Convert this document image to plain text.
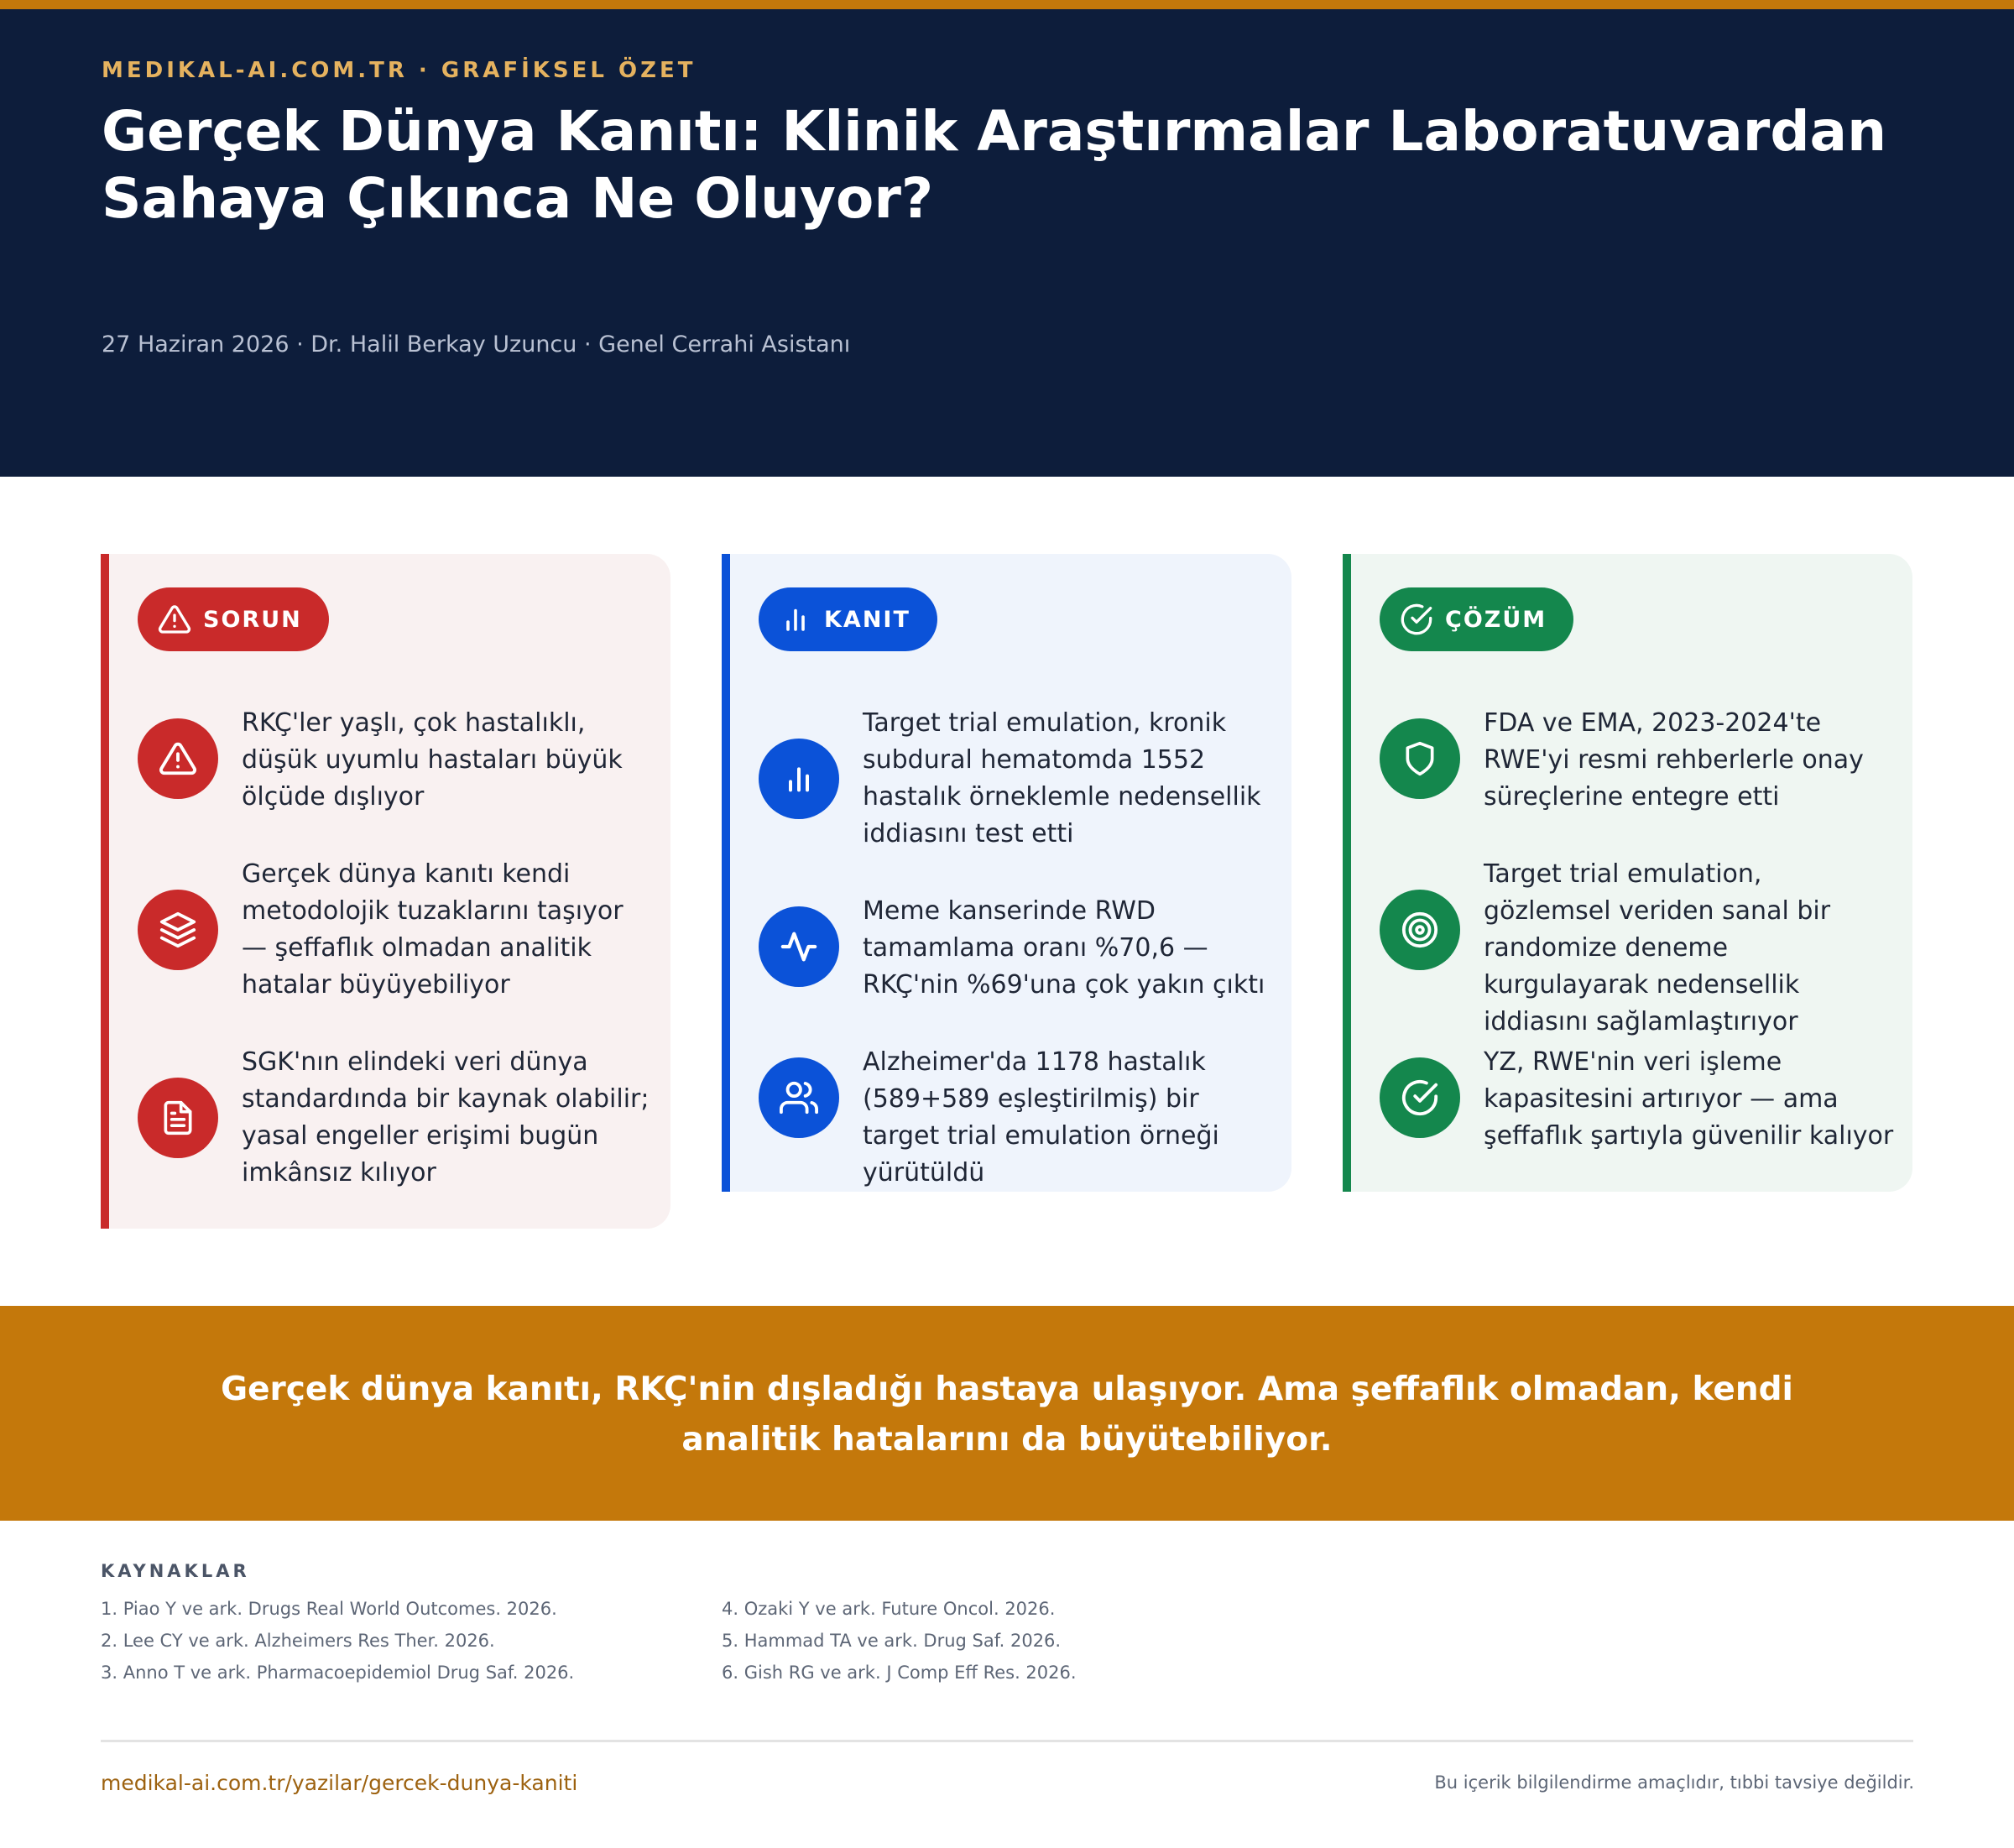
MEDIKAL-AI.COM.TR · GRAFİKSEL ÖZET
Gerçek Dünya Kanıtı: Klinik Araştırmalar Laboratuvardan Sahaya Çıkınca Ne Oluyor?
27 Haziran 2026 · Dr. Halil Berkay Uzuncu · Genel Cerrahi Asistanı
SORUN
RKÇ'ler yaşlı, çok hastalıklı, düşük uyumlu hastaları büyük ölçüde dışlıyor
Gerçek dünya kanıtı kendi metodolojik tuzaklarını taşıyor — şeffaflık olmadan analitik hatalar büyüyebiliyor
SGK'nın elindeki veri dünya standardında bir kaynak olabilir; yasal engeller erişimi bugün imkânsız kılıyor
KANIT
Target trial emulation, kronik subdural hematomda 1552 hastalık örneklemle nedensellik iddiasını test etti
Meme kanserinde RWD tamamlama oranı %70,6 — RKÇ'nin %69'una çok yakın çıktı
Alzheimer'da 1178 hastalık (589+589 eşleştirilmiş) bir target trial emulation örneği yürütüldü
ÇÖZÜM
FDA ve EMA, 2023-2024'te RWE'yi resmi rehberlerle onay süreçlerine entegre etti
Target trial emulation, gözlemsel veriden sanal bir randomize deneme kurgulayarak nedensellik iddiasını sağlamlaştırıyor
YZ, RWE'nin veri işleme kapasitesini artırıyor — ama şeffaflık şartıyla güvenilir kalıyor

Gerçek dünya kanıtı, RKÇ'nin dışladığı hastaya ulaşıyor. Ama şeffaflık olmadan, kendi analitik hatalarını da büyütebiliyor.

KAYNAKLAR
1. Piao Y ve ark. Drugs Real World Outcomes. 2026.
2. Lee CY ve ark. Alzheimers Res Ther. 2026.
3. Anno T ve ark. Pharmacoepidemiol Drug Saf. 2026.
4. Ozaki Y ve ark. Future Oncol. 2026.
5. Hammad TA ve ark. Drug Saf. 2026.
6. Gish RG ve ark. J Comp Eff Res. 2026.
medikal-ai.com.tr/yazilar/gercek-dunya-kaniti	Bu içerik bilgilendirme amaçlıdır, tıbbi tavsiye değildir.
